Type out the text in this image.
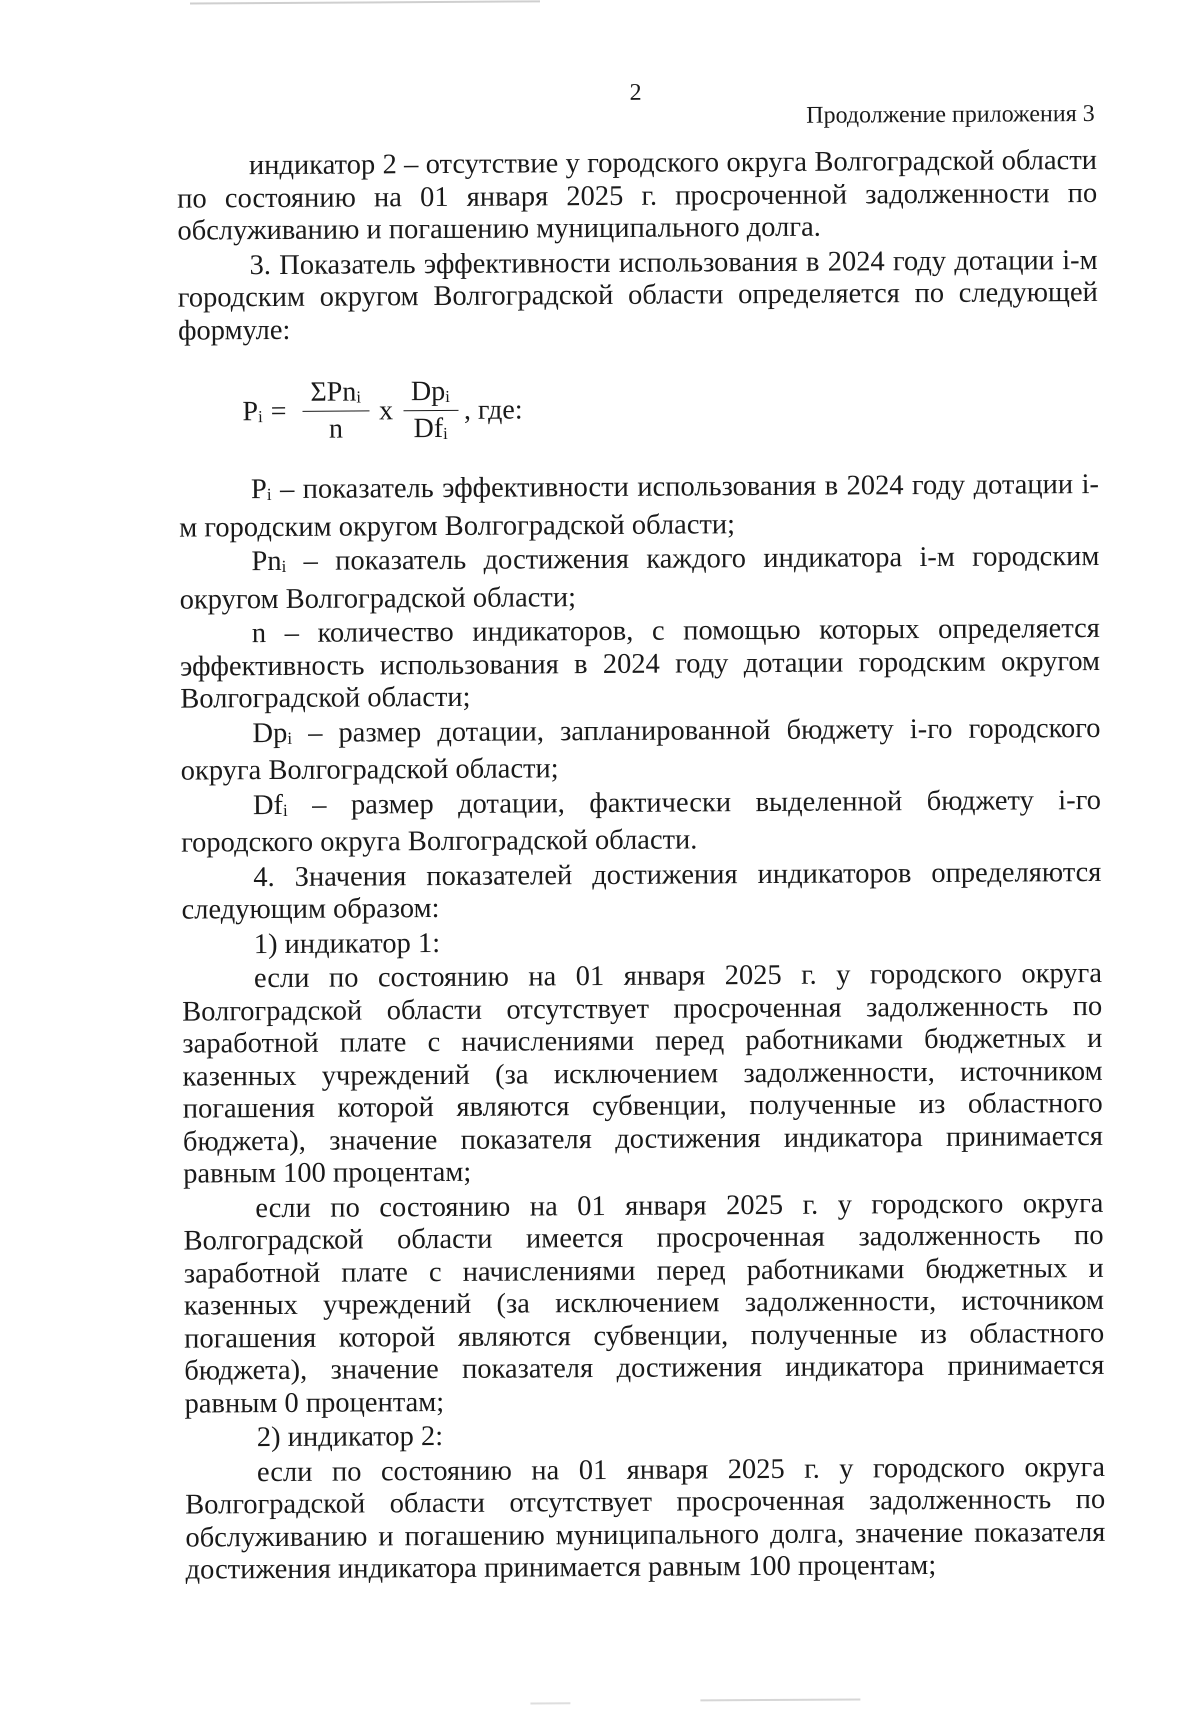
2
Продолжение приложения 3

индикатор 2 – отсутствие у городского округа Волгоградской области по состоянию на 01 января 2025 г. просроченной задолженности по обслуживанию и погашению муниципального долга.

3. Показатель эффективности использования в 2024 году дотации i-м городским округом Волгоградской области определяется по следующей формуле:

$P_i = \frac{\Sigma Pn_i}{n}$ x $\frac{Dp_i}{Df_i}$ , где:

$P_i$ – показатель эффективности использования в 2024 году дотации i-м городским округом Волгоградской области;

$Pn_i$ – показатель достижения каждого индикатора i-м городским округом Волгоградской области;

n – количество индикаторов, с помощью которых определяется эффективность использования в 2024 году дотации городским округом Волгоградской области;

$Dp_i$ – размер дотации, запланированной бюджету i-го городского округа Волгоградской области;

$Df_i$ – размер дотации, фактически выделенной бюджету i-го городского округа Волгоградской области.

4. Значения показателей достижения индикаторов определяются следующим образом:

1) индикатор 1:

если по состоянию на 01 января 2025 г. у городского округа Волгоградской области отсутствует просроченная задолженность по заработной плате с начислениями перед работниками бюджетных и казенных учреждений (за исключением задолженности, источником погашения которой являются субвенции, полученные из областного бюджета), значение показателя достижения индикатора принимается равным 100 процентам;

если по состоянию на 01 января 2025 г. у городского округа Волгоградской области имеется просроченная задолженность по заработной плате с начислениями перед работниками бюджетных и казенных учреждений (за исключением задолженности, источником погашения которой являются субвенции, полученные из областного бюджета), значение показателя достижения индикатора принимается равным 0 процентам;

2) индикатор 2:

если по состоянию на 01 января 2025 г. у городского округа Волгоградской области отсутствует просроченная задолженность по обслуживанию и погашению муниципального долга, значение показателя достижения индикатора принимается равным 100 процентам;
